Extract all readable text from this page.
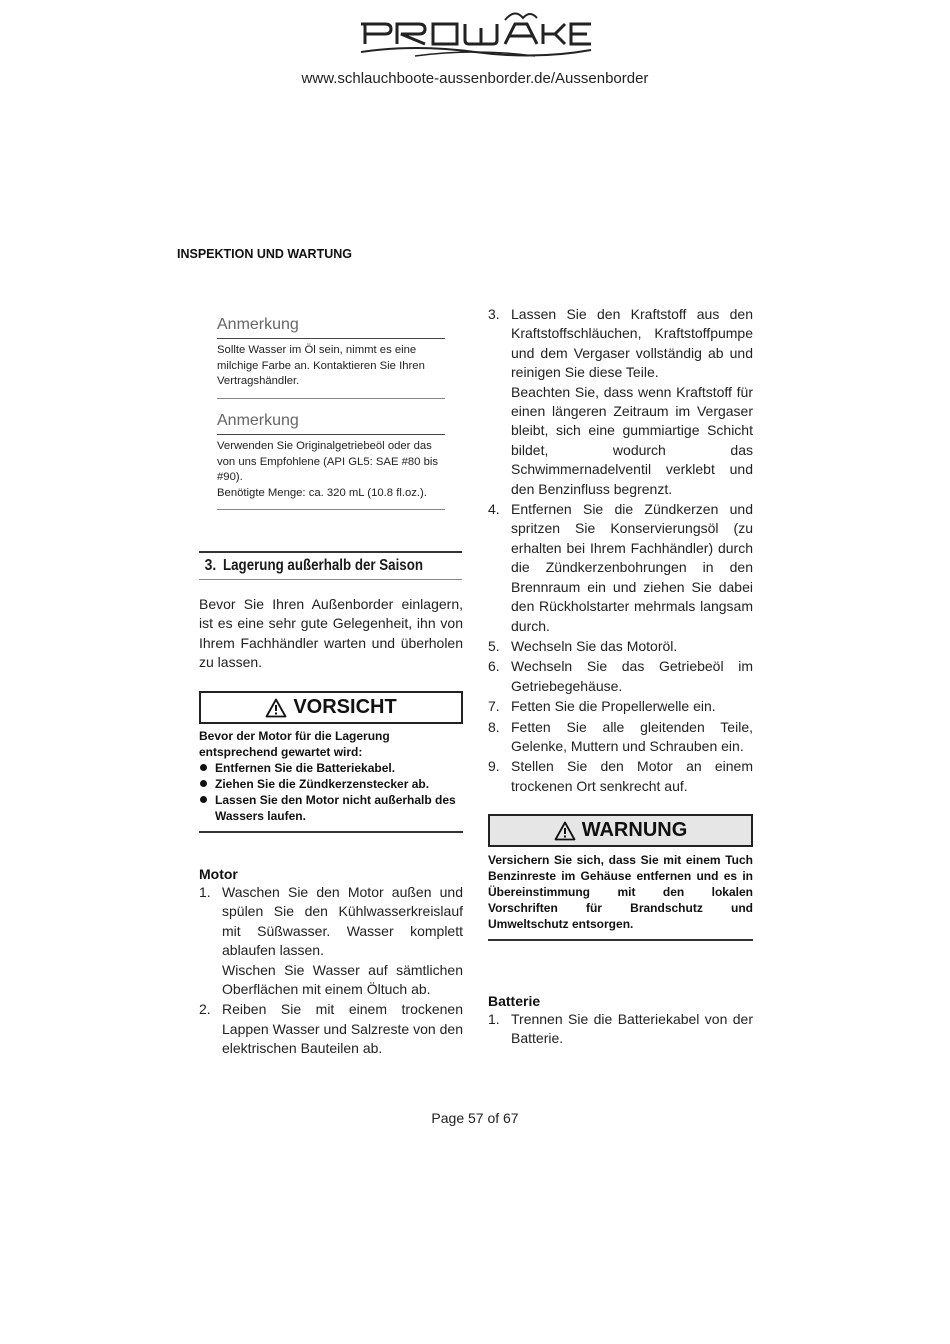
www.schlauchboote-aussenborder.de/Aussenborder
INSPEKTION UND WARTUNG
Anmerkung
Sollte Wasser im Öl sein, nimmt es eine milchige Farbe an. Kontaktieren Sie Ihren Vertragshändler.
Anmerkung
Verwenden Sie Originalgetriebeöl oder das von uns Empfohlene (API GL5: SAE #80 bis #90).
Benötigte Menge: ca. 320 mL (10.8 fl.oz.).
3. Lagerung außerhalb der Saison
Bevor Sie Ihren Außenborder einlagern, ist es eine sehr gute Gelegenheit, ihn von Ihrem Fachhändler warten und überholen zu lassen.
VORSICHT
Bevor der Motor für die Lagerung entsprechend gewartet wird:
Entfernen Sie die Batteriekabel.
Ziehen Sie die Zündkerzenstecker ab.
Lassen Sie den Motor nicht außerhalb des Wassers laufen.
Motor
1. Waschen Sie den Motor außen und spülen Sie den Kühlwasserkreislauf mit Süßwasser. Wasser komplett ablaufen lassen.
Wischen Sie Wasser auf sämtlichen Oberflächen mit einem Öltuch ab.
2. Reiben Sie mit einem trockenen Lappen Wasser und Salzreste von den elektrischen Bauteilen ab.
3. Lassen Sie den Kraftstoff aus den Kraftstoffschläuchen, Kraftstoffpumpe und dem Vergaser vollständig ab und reinigen Sie diese Teile.
Beachten Sie, dass wenn Kraftstoff für einen längeren Zeitraum im Vergaser bleibt, sich eine gummiartige Schicht bildet, wodurch das Schwimmernadelventil verklebt und den Benzinfluss begrenzt.
4. Entfernen Sie die Zündkerzen und spritzen Sie Konservierungsöl (zu erhalten bei Ihrem Fachhändler) durch die Zündkerzenbohrungen in den Brennraum ein und ziehen Sie dabei den Rückholstarter mehrmals langsam durch.
5. Wechseln Sie das Motoröl.
6. Wechseln Sie das Getriebeöl im Getriebegehäuse.
7. Fetten Sie die Propellerwelle ein.
8. Fetten Sie alle gleitenden Teile, Gelenke, Muttern und Schrauben ein.
9. Stellen Sie den Motor an einem trockenen Ort senkrecht auf.
WARNUNG
Versichern Sie sich, dass Sie mit einem Tuch Benzinreste im Gehäuse entfernen und es in Übereinstimmung mit den lokalen Vorschriften für Brandschutz und Umweltschutz entsorgen.
Batterie
1. Trennen Sie die Batteriekabel von der Batterie.
Page 57 of 67
